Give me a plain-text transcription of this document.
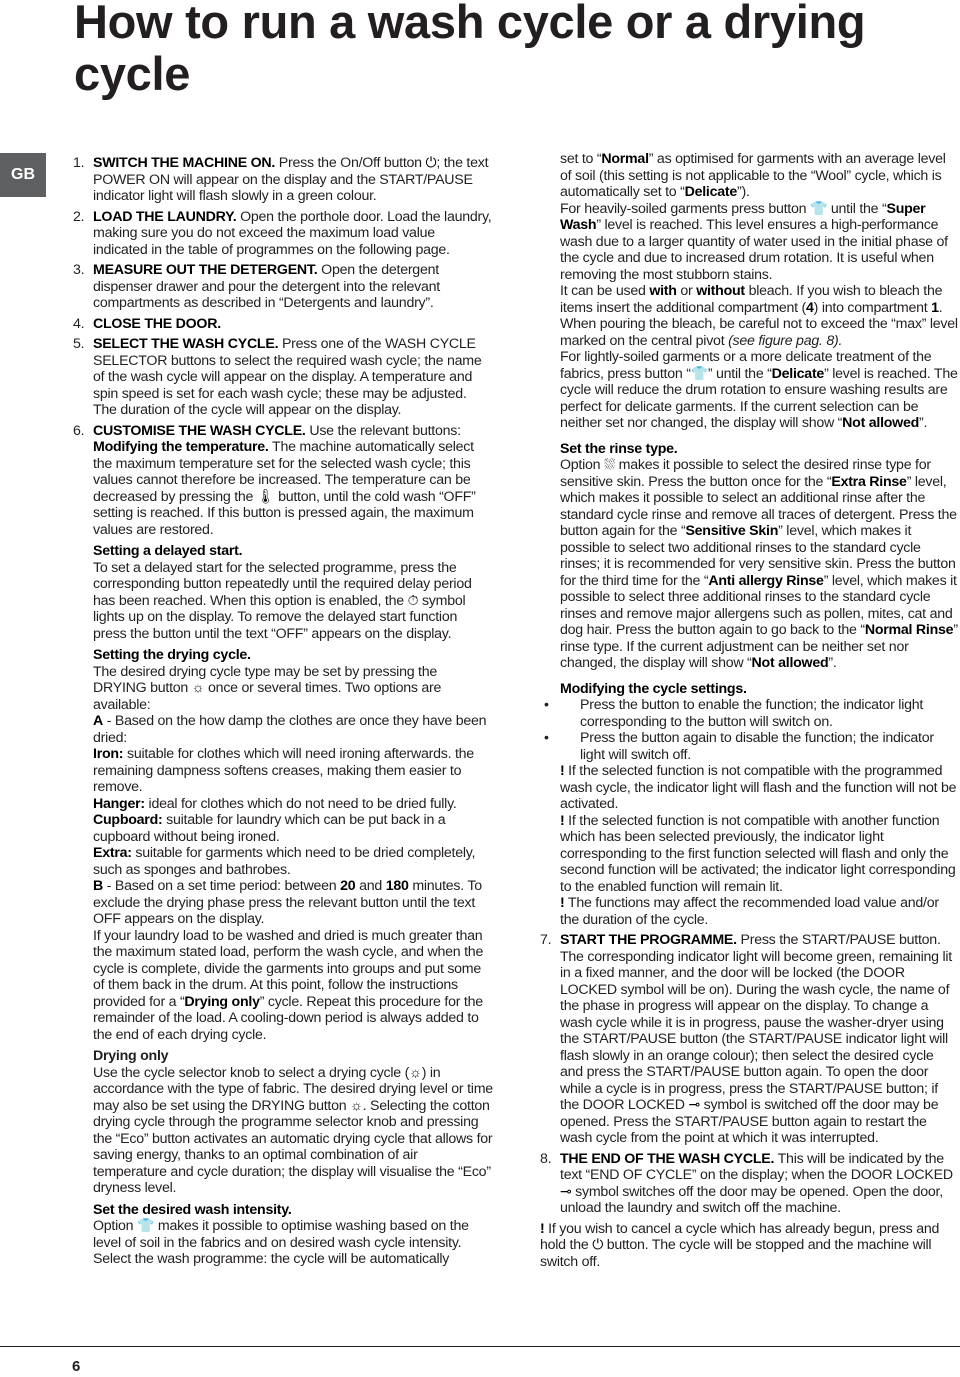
How to run a wash cycle or a drying cycle
GB
1. SWITCH THE MACHINE ON. Press the On/Off button ⏻; the text POWER ON will appear on the display and the START/PAUSE indicator light will flash slowly in a green colour.
2. LOAD THE LAUNDRY. Open the porthole door. Load the laundry, making sure you do not exceed the maximum load value indicated in the table of programmes on the following page.
3. MEASURE OUT THE DETERGENT. Open the detergent dispenser drawer and pour the detergent into the relevant compartments as described in “Detergents and laundry”.
4. CLOSE THE DOOR.
5. SELECT THE WASH CYCLE. Press one of the WASH CYCLE SELECTOR buttons to select the required wash cycle; the name of the wash cycle will appear on the display. A temperature and spin speed is set for each wash cycle; these may be adjusted. The duration of the cycle will appear on the display.
6. CUSTOMISE THE WASH CYCLE. Use the relevant buttons:
Modifying the temperature. The machine automatically select the maximum temperature set for the selected wash cycle; this values cannot therefore be increased. The temperature can be decreased by pressing the 🌡 button, until the cold wash “OFF” setting is reached. If this button is pressed again, the maximum values are restored.
Setting a delayed start.
To set a delayed start for the selected programme, press the corresponding button repeatedly until the required delay period has been reached. When this option is enabled, the ⏱ symbol lights up on the display. To remove the delayed start function press the button until the text “OFF” appears on the display.
Setting the drying cycle.
The desired drying cycle type may be set by pressing the DRYING button ☼ once or several times. Two options are available:
A - Based on the how damp the clothes are once they have been dried:
Iron: suitable for clothes which will need ironing afterwards. the remaining dampness softens creases, making them easier to remove.
Hanger: ideal for clothes which do not need to be dried fully.
Cupboard: suitable for laundry which can be put back in a cupboard without being ironed.
Extra: suitable for garments which need to be dried completely, such as sponges and bathrobes.
B - Based on a set time period: between 20 and 180 minutes. To exclude the drying phase press the relevant button until the text OFF appears on the display.
If your laundry load to be washed and dried is much greater than the maximum stated load, perform the wash cycle, and when the cycle is complete, divide the garments into groups and put some of them back in the drum. At this point, follow the instructions provided for a “Drying only” cycle. Repeat this procedure for the remainder of the load. A cooling-down period is always added to the end of each drying cycle.
Drying only
Use the cycle selector knob to select a drying cycle (☼) in accordance with the type of fabric. The desired drying level or time may also be set using the DRYING button ☼. Selecting the cotton drying cycle through the programme selector knob and pressing the “Eco” button activates an automatic drying cycle that allows for saving energy, thanks to an optimal combination of air temperature and cycle duration; the display will visualise the “Eco” dryness level.
Set the desired wash intensity.
Option 👕 makes it possible to optimise washing based on the level of soil in the fabrics and on desired wash cycle intensity. Select the wash programme: the cycle will be automatically
set to “Normal” as optimised for garments with an average level of soil (this setting is not applicable to the “Wool” cycle, which is automatically set to “Delicate”).
For heavily-soiled garments press button 👕 until the “Super Wash” level is reached. This level ensures a high-performance wash due to a larger quantity of water used in the initial phase of the cycle and due to increased drum rotation. It is useful when removing the most stubborn stains.
It can be used with or without bleach. If you wish to bleach the items insert the additional compartment (4) into compartment 1. When pouring the bleach, be careful not to exceed the “max” level marked on the central pivot (see figure pag. 8).
For lightly-soiled garments or a more delicate treatment of the fabrics, press button “👕” until the “Delicate” level is reached. The cycle will reduce the drum rotation to ensure washing results are perfect for delicate garments. If the current selection can be neither set nor changed, the display will show “Not allowed”.
Set the rinse type.
Option ⛆ makes it possible to select the desired rinse type for sensitive skin. Press the button once for the “Extra Rinse” level, which makes it possible to select an additional rinse after the standard cycle rinse and remove all traces of detergent. Press the button again for the “Sensitive Skin” level, which makes it possible to select two additional rinses to the standard cycle rinses; it is recommended for very sensitive skin. Press the button for the third time for the “Anti allergy Rinse” level, which makes it possible to select three additional rinses to the standard cycle rinses and remove major allergens such as pollen, mites, cat and dog hair. Press the button again to go back to the “Normal Rinse” rinse type. If the current adjustment can be neither set nor changed, the display will show “Not allowed”.
Modifying the cycle settings.
• Press the button to enable the function; the indicator light corresponding to the button will switch on.
• Press the button again to disable the function; the indicator light will switch off.
! If the selected function is not compatible with the programmed wash cycle, the indicator light will flash and the function will not be activated.
! If the selected function is not compatible with another function which has been selected previously, the indicator light corresponding to the first function selected will flash and only the second function will be activated; the indicator light corresponding to the enabled function will remain lit.
! The functions may affect the recommended load value and/or the duration of the cycle.
7. START THE PROGRAMME. Press the START/PAUSE button. The corresponding indicator light will become green, remaining lit in a fixed manner, and the door will be locked (the DOOR LOCKED symbol will be on). During the wash cycle, the name of the phase in progress will appear on the display. To change a wash cycle while it is in progress, pause the washer-dryer using the START/PAUSE button (the START/PAUSE indicator light will flash slowly in an orange colour); then select the desired cycle and press the START/PAUSE button again. To open the door while a cycle is in progress, press the START/PAUSE button; if the DOOR LOCKED ⊸ symbol is switched off the door may be opened. Press the START/PAUSE button again to restart the wash cycle from the point at which it was interrupted.
8. THE END OF THE WASH CYCLE. This will be indicated by the text “END OF CYCLE” on the display; when the DOOR LOCKED ⊸ symbol switches off the door may be opened. Open the door, unload the laundry and switch off the machine.
! If you wish to cancel a cycle which has already begun, press and hold the ⏻ button. The cycle will be stopped and the machine will switch off.
6
